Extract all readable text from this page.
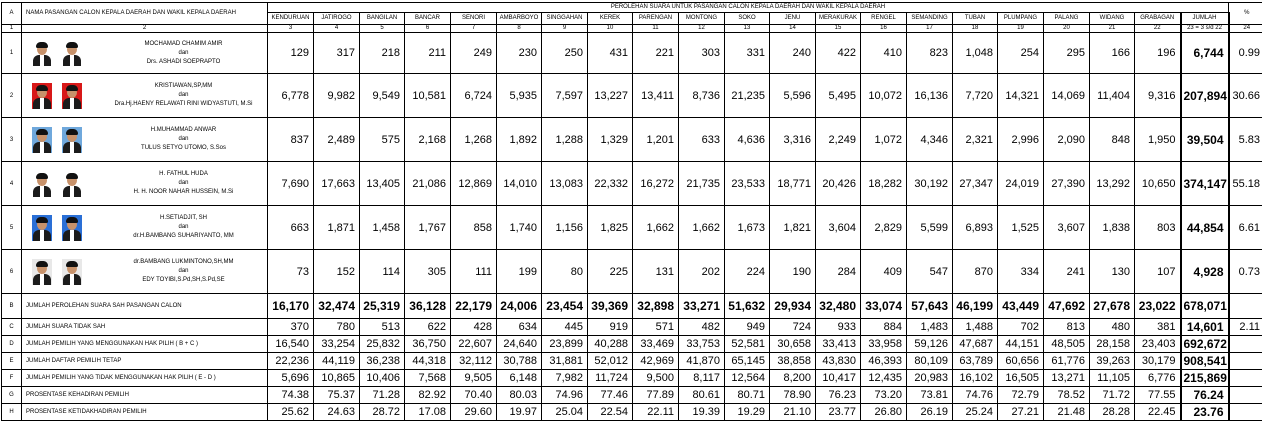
A	NAMA PASANGAN CALON KEPALA DAERAH DAN WAKIL KEPALA DAERAH	PEROLEHAN SUARA UNTUK PASANGAN CALON KEPALA DAERAH DAN WAKIL KEPALA DAERAH																					%
		KENDURUAN	JATIROGO	BANGILAN	BANCAR	SENORI	AMBARBOYO	SINGGAHAN	KEREK	PARENGAN	MONTONG	SOKO	JENU	MERAKURAK	RENGEL	SEMANDING	TUBAN	PLUMPANG	PALANG	WIDANG	GRABAGAN	JUMLAH	
1	2	3	4	5	6	7	8	9	10	11	12	13	14	15	16	17	18	19	20	21	22	23 = 3 s/d 22	24
1	MOCHAMAD CHAMIM AMIR
dan
Drs. ASHADI SOEPRAPTO	129	317	218	211	249	230	250	431	221	303	331	240	422	410	823	1,048	254	295	166	196	6,744	0.99
2	KRISTIAWAN,SP,MM
dan
Dra.Hj.HAENY RELAWATI RINI WIDYASTUTI, M.Si	6,778	9,982	9,549	10,581	6,724	5,935	7,597	13,227	13,411	8,736	21,235	5,596	5,495	10,072	16,136	7,720	14,321	14,069	11,404	9,316	207,894	30.66
3	H.MUHAMMAD ANWAR
dan
TULUS SETYO UTOMO, S.Sos	837	2,489	575	2,168	1,268	1,892	1,288	1,329	1,201	633	4,636	3,316	2,249	1,072	4,346	2,321	2,996	2,090	848	1,950	39,504	5.83
4	H. FATHUL HUDA
dan
H. H. NOOR NAHAR HUSSEIN, M.Si	7,690	17,663	13,405	21,086	12,869	14,010	13,083	22,332	16,272	21,735	23,533	18,771	20,426	18,282	30,192	27,347	24,019	27,390	13,292	10,650	374,147	55.18
5	H.SETIADJIT, SH
dan
dr.H.BAMBANG SUHARIYANTO, MM	663	1,871	1,458	1,767	858	1,740	1,156	1,825	1,662	1,662	1,673	1,821	3,604	2,829	5,599	6,893	1,525	3,607	1,838	803	44,854	6.61
6	dr.BAMBANG LUKMINTONO,SH,MM
dan
EDY TOYIBI,S.Pd,SH,S.Pd,SE	73	152	114	305	111	199	80	225	131	202	224	190	284	409	547	870	334	241	130	107	4,928	0.73
B	JUMLAH PEROLEHAN SUARA SAH PASANGAN CALON	16,170	32,474	25,319	36,128	22,179	24,006	23,454	39,369	32,898	33,271	51,632	29,934	32,480	33,074	57,643	46,199	43,449	47,692	27,678	23,022	678,071	
C	JUMLAH SUARA TIDAK SAH	370	780	513	622	428	634	445	919	571	482	949	724	933	884	1,483	1,488	702	813	480	381	14,601	2.11
D	JUMLAH PEMILIH YANG MENGGUNAKAN HAK PILIH ( B + C )	16,540	33,254	25,832	36,750	22,607	24,640	23,899	40,288	33,469	33,753	52,581	30,658	33,413	33,958	59,126	47,687	44,151	48,505	28,158	23,403	692,672	
E	JUMLAH DAFTAR PEMILIH TETAP	22,236	44,119	36,238	44,318	32,112	30,788	31,881	52,012	42,969	41,870	65,145	38,858	43,830	46,393	80,109	63,789	60,656	61,776	39,263	30,179	908,541	
F	JUMLAH PEMILIH YANG TIDAK MENGGUNAKAN HAK PILIH ( E - D )	5,696	10,865	10,406	7,568	9,505	6,148	7,982	11,724	9,500	8,117	12,564	8,200	10,417	12,435	20,983	16,102	16,505	13,271	11,105	6,776	215,869	
G	PROSENTASE KEHADIRAN PEMILIH	74.38	75.37	71.28	82.92	70.40	80.03	74.96	77.46	77.89	80.61	80.71	78.90	76.23	73.20	73.81	74.76	72.79	78.52	71.72	77.55	76.24	
H	PROSENTASE KETIDAKHADIRAN PEMILIH	25.62	24.63	28.72	17.08	29.60	19.97	25.04	22.54	22.11	19.39	19.29	21.10	23.77	26.80	26.19	25.24	27.21	21.48	28.28	22.45	23.76	
